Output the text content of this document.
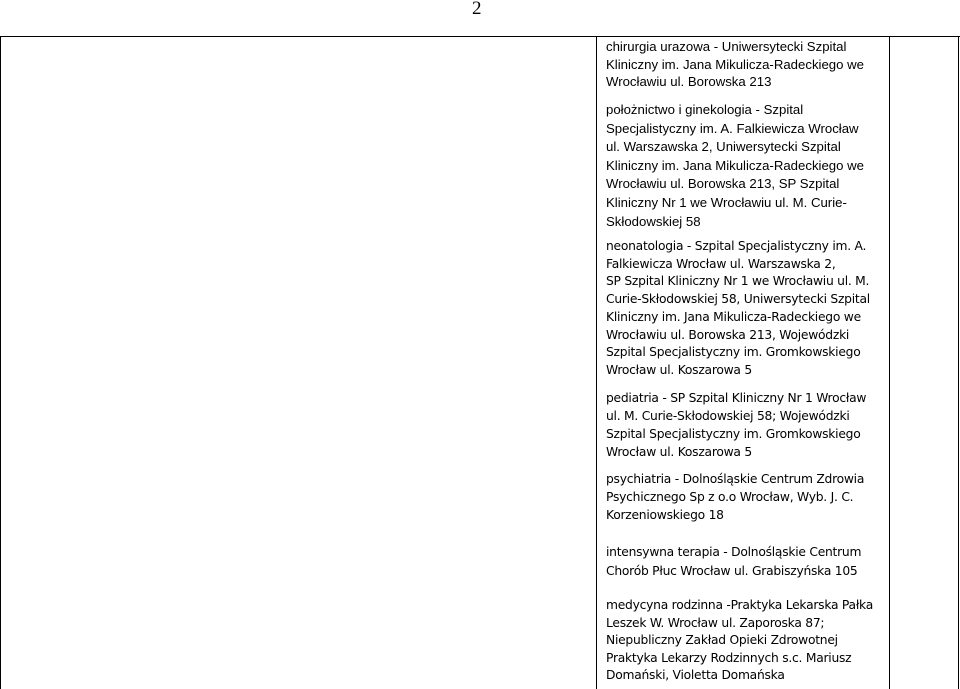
2
chirurgia urazowa - Uniwersytecki Szpital
Kliniczny im. Jana Mikulicza-Radeckiego we
Wrocławiu ul. Borowska 213
położnictwo i ginekologia - Szpital
Specjalistyczny im. A. Falkiewicza Wrocław
ul. Warszawska 2, Uniwersytecki Szpital
Kliniczny im. Jana Mikulicza-Radeckiego we
Wrocławiu ul. Borowska 213, SP Szpital
Kliniczny Nr 1 we Wrocławiu ul. M. Curie-
Skłodowskiej 58
neonatologia - Szpital Specjalistyczny im. A.
Falkiewicza Wrocław ul. Warszawska 2,
SP Szpital Kliniczny Nr 1 we Wrocławiu ul. M.
Curie-Skłodowskiej 58, Uniwersytecki Szpital
Kliniczny im. Jana Mikulicza-Radeckiego we
Wrocławiu ul. Borowska 213, Wojewódzki
Szpital Specjalistyczny im. Gromkowskiego
Wrocław ul. Koszarowa 5
pediatria - SP Szpital Kliniczny Nr 1 Wrocław
ul. M. Curie-Skłodowskiej 58; Wojewódzki
Szpital Specjalistyczny im. Gromkowskiego
Wrocław ul. Koszarowa 5
psychiatria - Dolnośląskie Centrum Zdrowia
Psychicznego Sp z o.o Wrocław, Wyb. J. C.
Korzeniowskiego 18
intensywna terapia - Dolnośląskie Centrum
Chorób Płuc Wrocław ul. Grabiszyńska 105
medycyna rodzinna -Praktyka Lekarska Pałka
Leszek W. Wrocław ul. Zaporoska 87;
Niepubliczny Zakład Opieki Zdrowotnej
Praktyka Lekarzy Rodzinnych s.c. Mariusz
Domański, Violetta Domańska
